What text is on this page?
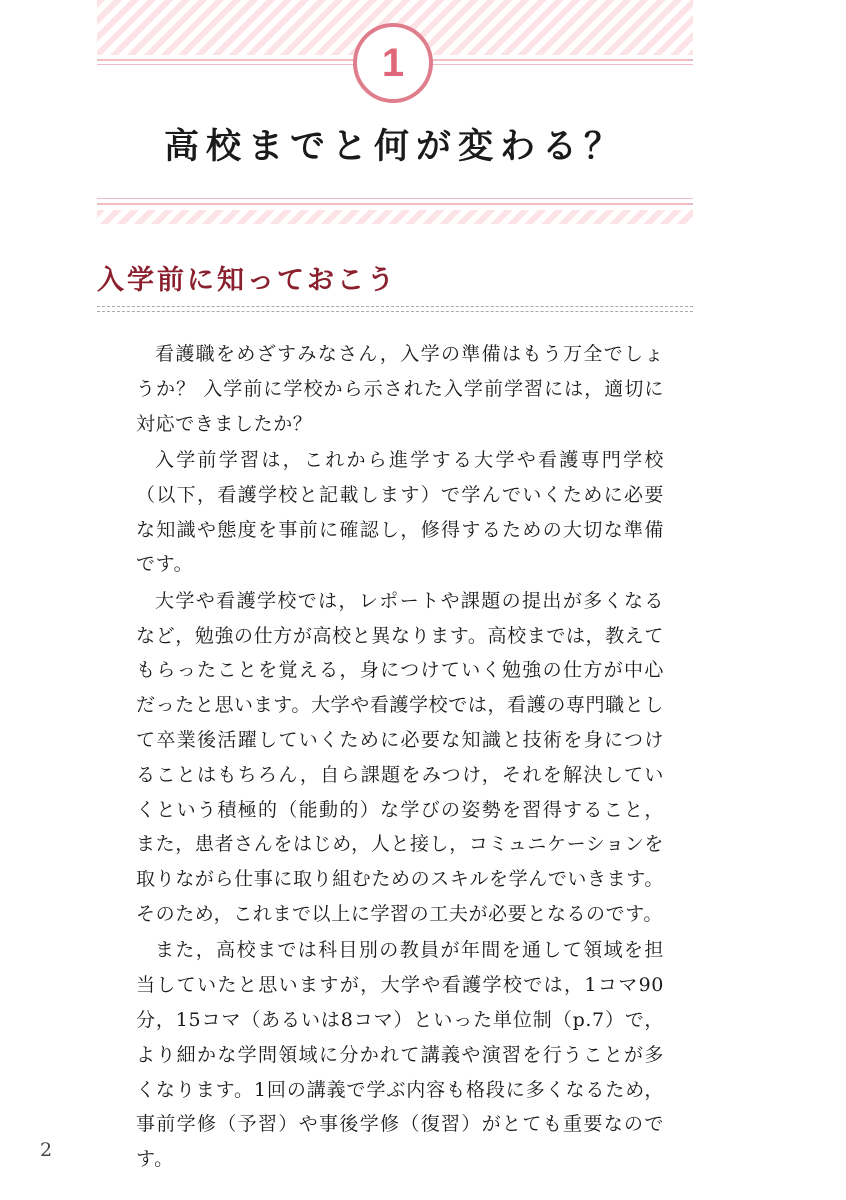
1
高校までと何が変わる？
入学前に知っておこう

看護職をめざすみなさん，入学の準備はもう万全でしょうか？ 入学前に学校から示された入学前学習には，適切に対応できましたか？

入学前学習は，これから進学する大学や看護専門学校（以下，看護学校と記載します）で学んでいくために必要な知識や態度を事前に確認し，修得するための大切な準備です。

大学や看護学校では，レポートや課題の提出が多くなるなど，勉強の仕方が高校と異なります。高校までは，教えてもらったことを覚える，身につけていく勉強の仕方が中心だったと思います。大学や看護学校では，看護の専門職として卒業後活躍していくために必要な知識と技術を身につけることはもちろん，自ら課題をみつけ，それを解決していくという積極的（能動的）な学びの姿勢を習得すること，また，患者さんをはじめ，人と接し，コミュニケーションを取りながら仕事に取り組むためのスキルを学んでいきます。そのため，これまで以上に学習の工夫が必要となるのです。

また，高校までは科目別の教員が年間を通して領域を担当していたと思いますが，大学や看護学校では，1コマ90分，15コマ（あるいは8コマ）といった単位制（p.7）で，より細かな学問領域に分かれて講義や演習を行うことが多くなります。1回の講義で学ぶ内容も格段に多くなるため，事前学修（予習）や事後学修（復習）がとても重要なのです。

2
